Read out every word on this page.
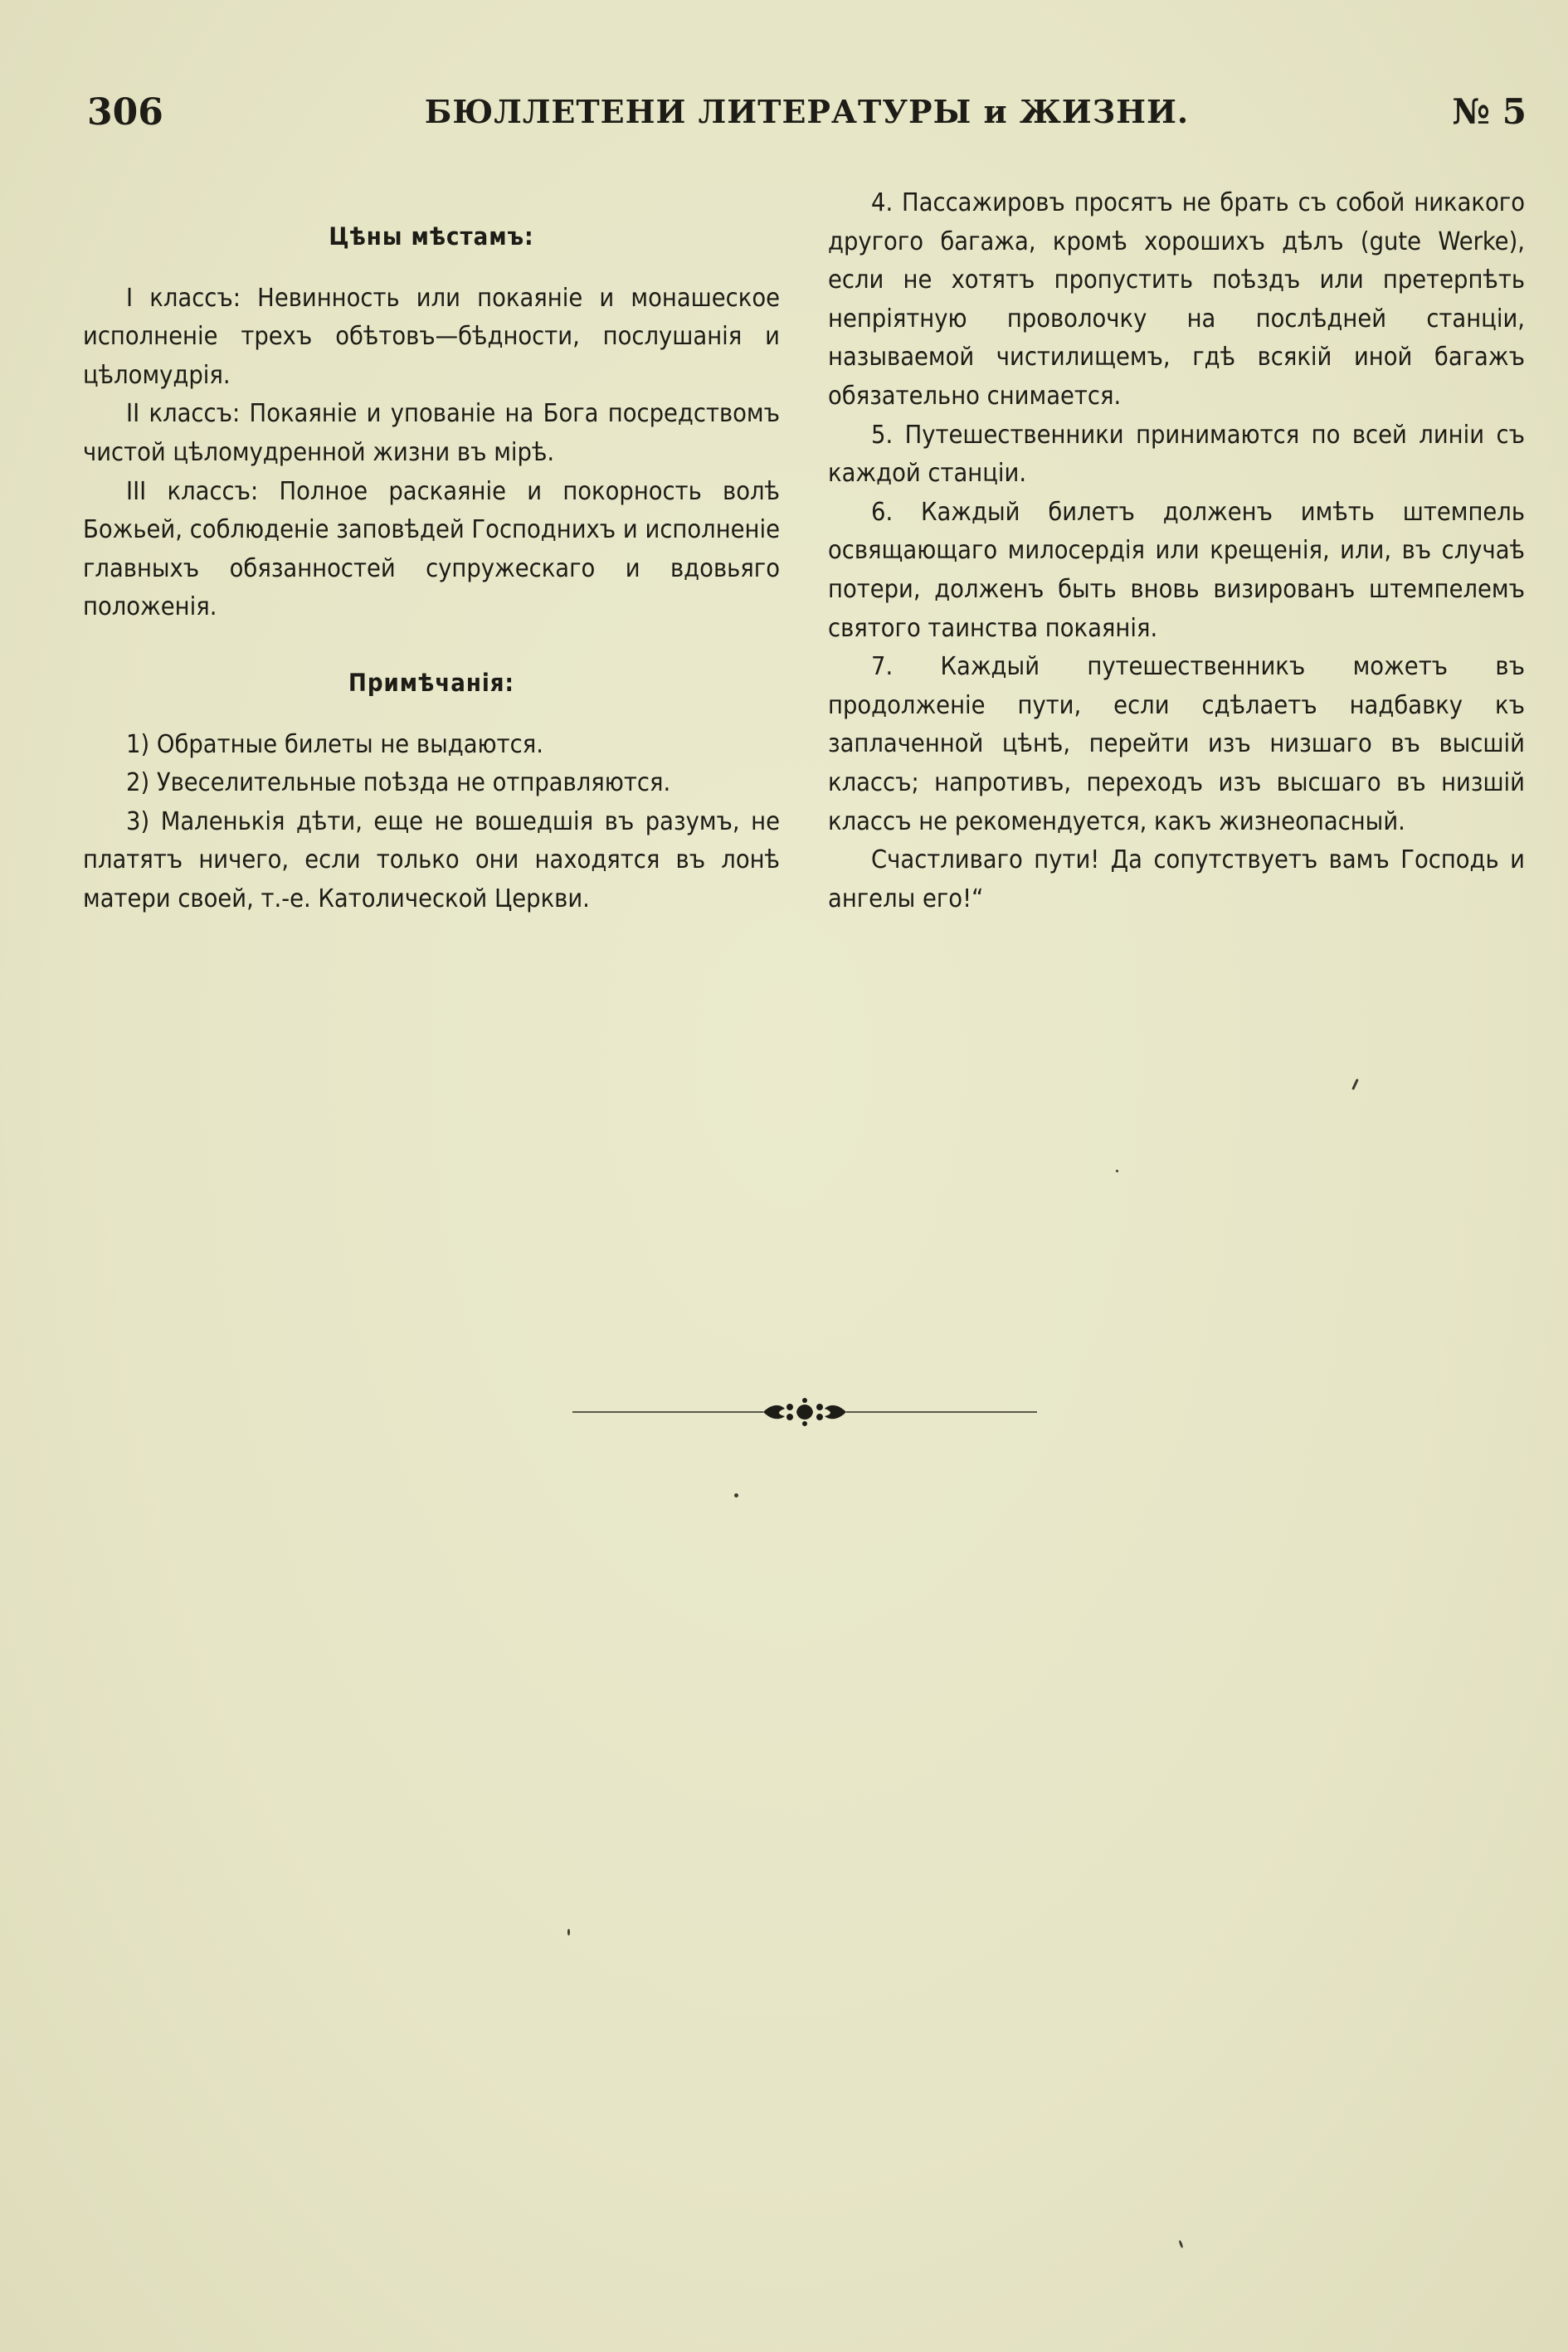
306	БЮЛЛЕТЕНИ ЛИТЕРАТУРЫ и ЖИЗНИ.	№ 5
Цѣны мѣстамъ:

I классъ: Невинность или покаяніе и монашеское исполненіе трехъ обѣтовъ—бѣдности, послушанія и цѣломудрія.

II классъ: Покаяніе и упованіе на Бога посредствомъ чистой цѣломудренной жизни въ мірѣ.

III классъ: Полное раскаяніе и покорность волѣ Божьей, соблюденіе заповѣдей Господнихъ и исполненіе главныхъ обязанностей супружескаго и вдовьяго положенія.

Примѣчанія:

1) Обратные билеты не выдаются.

2) Увеселительные поѣзда не отправляются.

3) Маленькія дѣти, еще не вошедшія въ разумъ, не платятъ ничего, если только они находятся въ лонѣ матери своей, т.-е. Католической Церкви.

4. Пассажировъ просятъ не брать съ собой никакого другого багажа, кромѣ хорошихъ дѣлъ (gute Werke), если не хотятъ пропустить поѣздъ или претерпѣть непріятную проволочку на послѣдней станціи, называемой чистилищемъ, гдѣ всякій иной багажъ обязательно снимается.

5. Путешественники принимаются по всей линіи съ каждой станціи.

6. Каждый билетъ долженъ имѣть штемпель освящающаго милосердія или крещенія, или, въ случаѣ потери, долженъ быть вновь визированъ штемпелемъ святого таинства покаянія.

7. Каждый путешественникъ можетъ въ продолженіе пути, если сдѣлаетъ надбавку къ заплаченной цѣнѣ, перейти изъ низшаго въ высшій классъ; напротивъ, переходъ изъ высшаго въ низшій классъ не рекомендуется, какъ жизнеопасный.

Счастливаго пути! Да сопутствуетъ вамъ Господь и ангелы его!“
